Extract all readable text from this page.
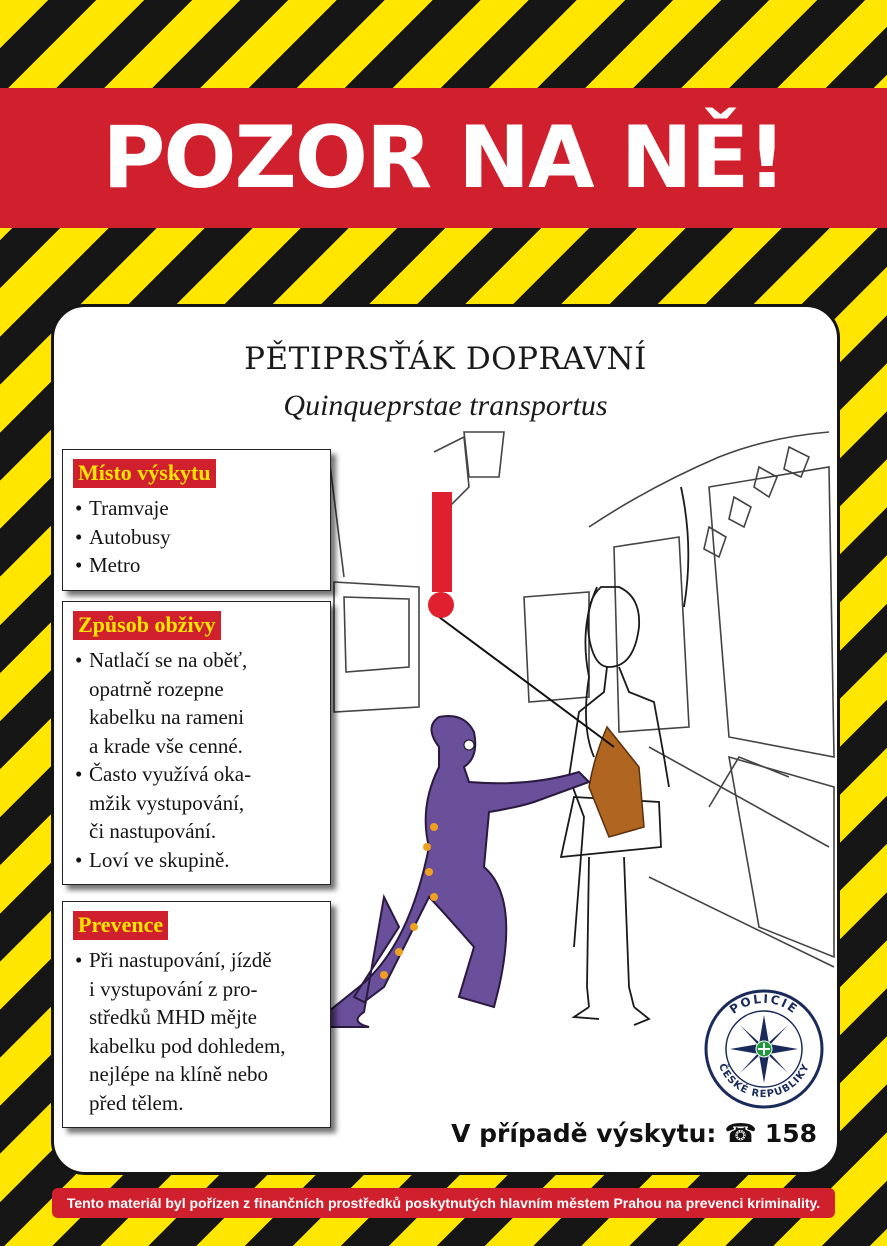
POZOR NA NĚ!
PĚTIPRSŤÁK DOPRAVNÍ
Quinqueprstae transportus
Místo výskytu
• Tramvaje
• Autobusy
• Metro
Způsob obživy
• Natlačí se na oběť,
opatrně rozepne
kabelku na rameni
a krade vše cenné.
• Často využívá oka-
mžik vystupování,
či nastupování.
• Loví ve skupině.
Prevence
• Při nastupování, jízdě
i vystupování z pro-
středků MHD mějte
kabelku pod dohledem,
nejlépe na klíně nebo
před tělem.
POLICIE
ČESKÉ REPUBLIKY
V případě výskytu: ☎ 158
Tento materiál byl pořízen z finančních prostředků poskytnutých hlavním městem Prahou na prevenci kriminality.
